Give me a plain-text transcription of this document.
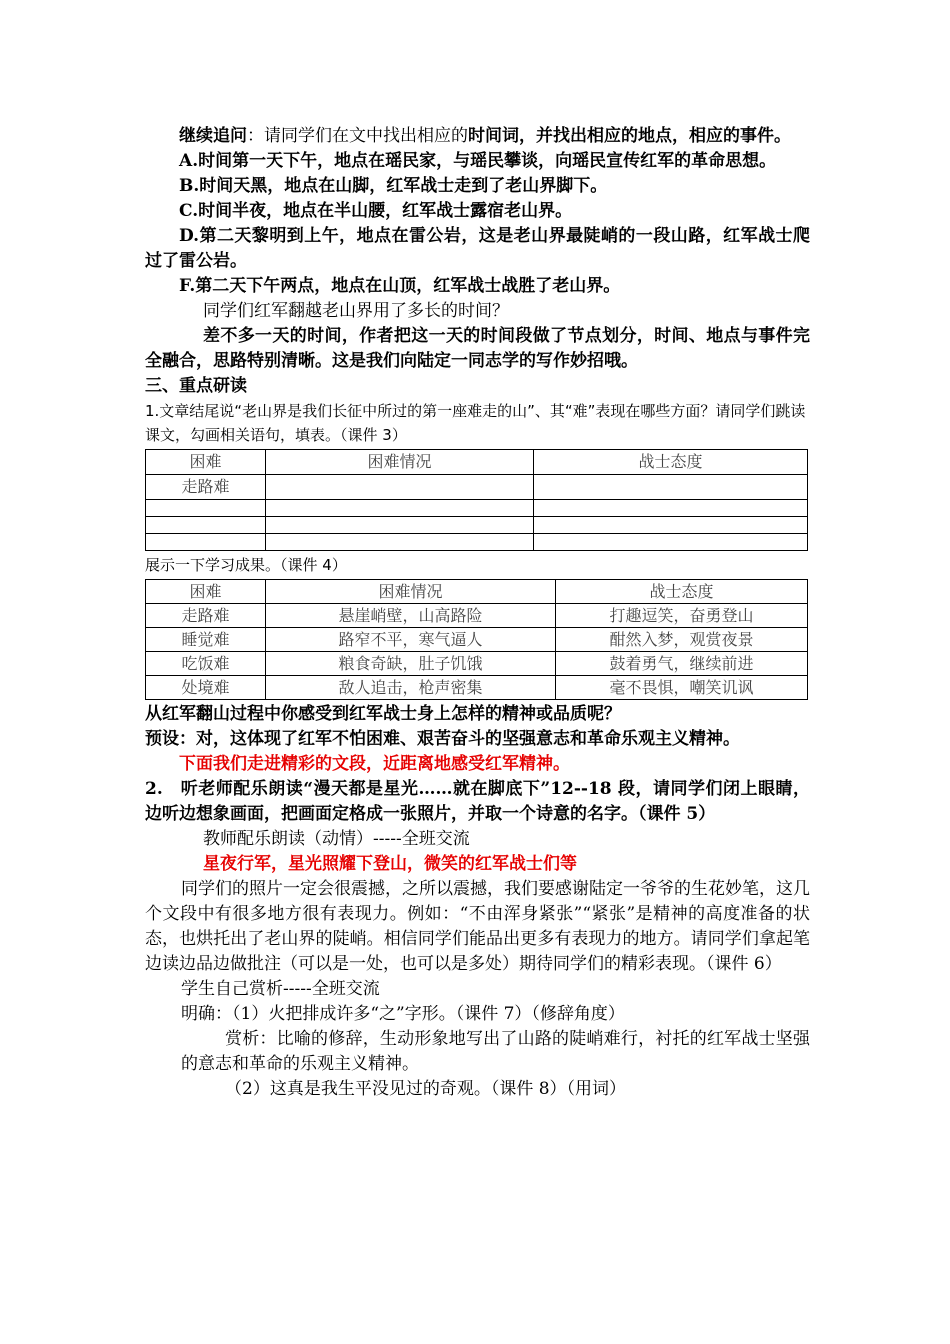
继续追问：请同学们在文中找出相应的时间词，并找出相应的地点，相应的事件。

A.时间第一天下午，地点在瑶民家，与瑶民攀谈，向瑶民宣传红军的革命思想。

B.时间天黑，地点在山脚，红军战士走到了老山界脚下。

C.时间半夜，地点在半山腰，红军战士露宿老山界。

D.第二天黎明到上午，地点在雷公岩，这是老山界最陡峭的一段山路，红军战士爬过了雷公岩。

F.第二天下午两点，地点在山顶，红军战士战胜了老山界。

同学们红军翻越老山界用了多长的时间？

差不多一天的时间，作者把这一天的时间段做了节点划分，时间、地点与事件完全融合，思路特别清晰。这是我们向陆定一同志学的写作妙招哦。

三、重点研读

1.文章结尾说“老山界是我们长征中所过的第一座难走的山”、其“难”表现在哪些方面？请同学们跳读课文，勾画相关语句，填表。（课件 3）

困难	困难情况	战士态度
走路难		

展示一下学习成果。（课件 4）

困难	困难情况	战士态度
走路难	悬崖峭壁，山高路险	打趣逗笑，奋勇登山
睡觉难	路窄不平，寒气逼人	酣然入梦，观赏夜景
吃饭难	粮食奇缺，肚子饥饿	鼓着勇气，继续前进
处境难	敌人追击，枪声密集	毫不畏惧，嘲笑讥讽

从红军翻山过程中你感受到红军战士身上怎样的精神或品质呢？

预设：对，这体现了红军不怕困难、艰苦奋斗的坚强意志和革命乐观主义精神。

下面我们走进精彩的文段，近距离地感受红军精神。

2.　听老师配乐朗读“漫天都是星光……就在脚底下”12--18 段，请同学们闭上眼睛，边听边想象画面，把画面定格成一张照片，并取一个诗意的名字。（课件 5）

教师配乐朗读（动情）-----全班交流

星夜行军，星光照耀下登山，微笑的红军战士们等

同学们的照片一定会很震撼，之所以震撼，我们要感谢陆定一爷爷的生花妙笔，这几个文段中有很多地方很有表现力。例如：“不由浑身紧张”“紧张”是精神的高度准备的状态，也烘托出了老山界的陡峭。相信同学们能品出更多有表现力的地方。请同学们拿起笔边读边品边做批注（可以是一处，也可以是多处）期待同学们的精彩表现。（课件 6）

学生自己赏析-----全班交流

明确：（1）火把排成许多“之”字形。（课件 7）（修辞角度）

赏析：比喻的修辞，生动形象地写出了山路的陡峭难行，衬托的红军战士坚强的意志和革命的乐观主义精神。

（2）这真是我生平没见过的奇观。（课件 8）（用词）
